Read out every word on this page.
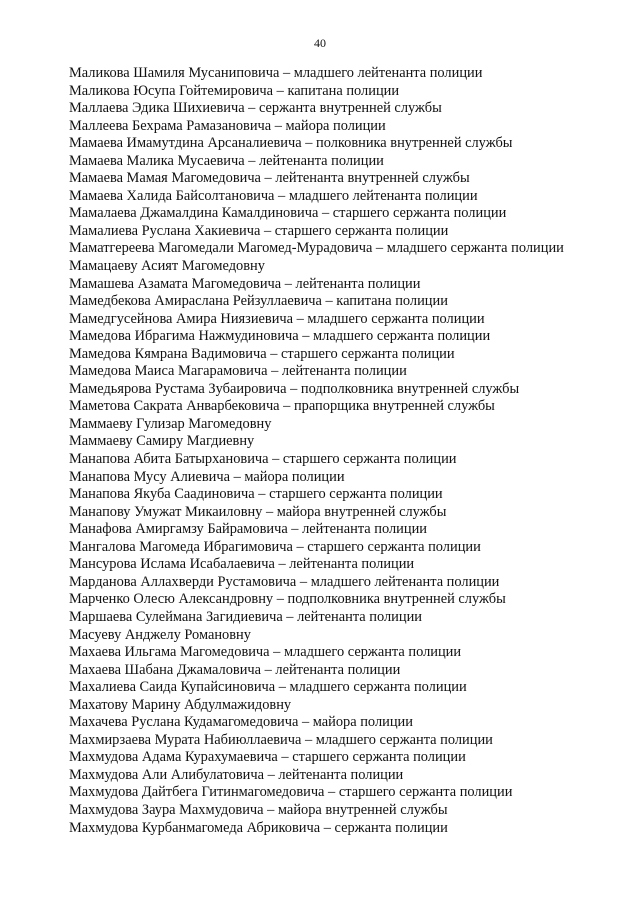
40
Маликова Шамиля Мусаниповича – младшего лейтенанта полиции
Маликова Юсупа Гойтемировича – капитана полиции
Маллаева Эдика Шихиевича – сержанта внутренней службы
Маллеева Бехрама Рамазановича – майора полиции
Мамаева Имамутдина Арсаналиевича – полковника внутренней службы
Мамаева Малика Мусаевича – лейтенанта полиции
Мамаева Мамая Магомедовича – лейтенанта внутренней службы
Мамаева Халида Байсолтановича – младшего лейтенанта полиции
Мамалаева Джамалдина Камалдиновича – старшего сержанта полиции
Мамалиева Руслана Хакиевича – старшего сержанта полиции
Маматгереева Магомедали Магомед-Мурадовича – младшего сержанта полиции
Мамацаеву Асият Магомедовну
Мамашева Азамата Магомедовича – лейтенанта полиции
Мамедбекова Амираслана Рейзуллаевича – капитана полиции
Мамедгусейнова Амира Ниязиевича – младшего сержанта полиции
Мамедова Ибрагима Нажмудиновича – младшего сержанта полиции
Мамедова Кямрана Вадимовича – старшего сержанта полиции
Мамедова Маиса Магарамовича – лейтенанта полиции
Мамедьярова Рустама Зубаировича – подполковника внутренней службы
Маметова Сакрата Анварбековича – прапорщика внутренней службы
Маммаеву Гулизар Магомедовну
Маммаеву Самиру Магдиевну
Манапова Абита Батырхановича – старшего сержанта полиции
Манапова Мусу Алиевича – майора полиции
Манапова Якуба Саадиновича – старшего сержанта полиции
Манапову Умужат Микаиловну – майора внутренней службы
Манафова Амиргамзу Байрамовича – лейтенанта полиции
Мангалова Магомеда Ибрагимовича – старшего сержанта полиции
Мансурова Ислама Исабалаевича – лейтенанта полиции
Марданова Аллахверди Рустамовича – младшего лейтенанта полиции
Марченко Олесю Александровну – подполковника внутренней службы
Маршаева Сулеймана Загидиевича – лейтенанта полиции
Масуеву Анджелу Романовну
Махаева Ильгама Магомедовича – младшего сержанта полиции
Махаева Шабана Джамаловича – лейтенанта полиции
Махалиева Саида Купайсиновича – младшего сержанта полиции
Махатову Марину Абдулмажидовну
Махачева Руслана Кудамагомедовича – майора полиции
Махмирзаева Мурата Набиюллаевича – младшего сержанта полиции
Махмудова Адама Курахумаевича – старшего сержанта полиции
Махмудова Али Алибулатовича – лейтенанта полиции
Махмудова Дайтбега Гитинмагомедовича – старшего сержанта полиции
Махмудова Заура Махмудовича – майора внутренней службы
Махмудова Курбанмагомеда Абриковича – сержанта полиции
